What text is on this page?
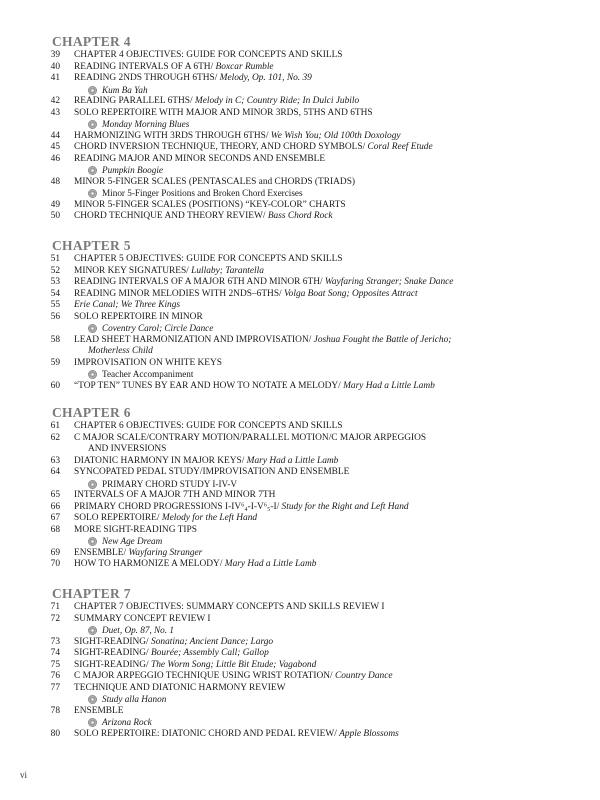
CHAPTER 4
39	CHAPTER 4 OBJECTIVES: GUIDE FOR CONCEPTS AND SKILLS
40	READING INTERVALS OF A 6TH/ Boxcar Rumble
41	READING 2NDS THROUGH 6THS/ Melody, Op. 101, No. 39
Kum Ba Yah
42	READING PARALLEL 6THS/ Melody in C; Country Ride; In Dulci Jubilo
43	SOLO REPERTOIRE WITH MAJOR AND MINOR 3RDS, 5THS AND 6THS
Monday Morning Blues
44	HARMONIZING WITH 3RDS THROUGH 6THS/ We Wish You; Old 100th Doxology
45	CHORD INVERSION TECHNIQUE, THEORY, AND CHORD SYMBOLS/ Coral Reef Etude
46	READING MAJOR AND MINOR SECONDS AND ENSEMBLE
Pumpkin Boogie
48	MINOR 5-FINGER SCALES (PENTASCALES and CHORDS (TRIADS)
Minor 5-Finger Positions and Broken Chord Exercises
49	MINOR 5-FINGER SCALES (POSITIONS) “KEY-COLOR” CHARTS
50	CHORD TECHNIQUE AND THEORY REVIEW/ Bass Chord Rock
CHAPTER 5
51	CHAPTER 5 OBJECTIVES: GUIDE FOR CONCEPTS AND SKILLS
52	MINOR KEY SIGNATURES/ Lullaby; Tarantella
53	READING INTERVALS OF A MAJOR 6TH AND MINOR 6TH/ Wayfaring Stranger; Snake Dance
54	READING MINOR MELODIES WITH 2NDS–6THS/ Volga Boat Song; Opposites Attract
55	Erie Canal; We Three Kings
56	SOLO REPERTOIRE IN MINOR
Coventry Carol; Circle Dance
58	LEAD SHEET HARMONIZATION AND IMPROVISATION/ Joshua Fought the Battle of Jericho;
Motherless Child
59	IMPROVISATION ON WHITE KEYS
Teacher Accompaniment
60	“TOP TEN” TUNES BY EAR AND HOW TO NOTATE A MELODY/ Mary Had a Little Lamb
CHAPTER 6
61	CHAPTER 6 OBJECTIVES: GUIDE FOR CONCEPTS AND SKILLS
62	C MAJOR SCALE/CONTRARY MOTION/PARALLEL MOTION/C MAJOR ARPEGGIOS
AND INVERSIONS
63	DIATONIC HARMONY IN MAJOR KEYS/ Mary Had a Little Lamb
64	SYNCOPATED PEDAL STUDY/IMPROVISATION AND ENSEMBLE
PRIMARY CHORD STUDY I-IV-V
65	INTERVALS OF A MAJOR 7TH AND MINOR 7TH
66	PRIMARY CHORD PROGRESSIONS I-IV⁶₄-I-V⁶₅-I/ Study for the Right and Left Hand
67	SOLO REPERTOIRE/ Melody for the Left Hand
68	MORE SIGHT-READING TIPS
New Age Dream
69	ENSEMBLE/ Wayfaring Stranger
70	HOW TO HARMONIZE A MELODY/ Mary Had a Little Lamb
CHAPTER 7
71	CHAPTER 7 OBJECTIVES: SUMMARY CONCEPTS AND SKILLS REVIEW I
72	SUMMARY CONCEPT REVIEW I
Duet, Op. 87, No. 1
73	SIGHT-READING/ Sonatina; Ancient Dance; Largo
74	SIGHT-READING/ Bourée; Assembly Call; Gallop
75	SIGHT-READING/ The Worm Song; Little Bit Etude; Vagabond
76	C MAJOR ARPEGGIO TECHNIQUE USING WRIST ROTATION/ Country Dance
77	TECHNIQUE AND DIATONIC HARMONY REVIEW
Study alla Hanon
78	ENSEMBLE
Arizona Rock
80	SOLO REPERTOIRE: DIATONIC CHORD AND PEDAL REVIEW/ Apple Blossoms
vi
